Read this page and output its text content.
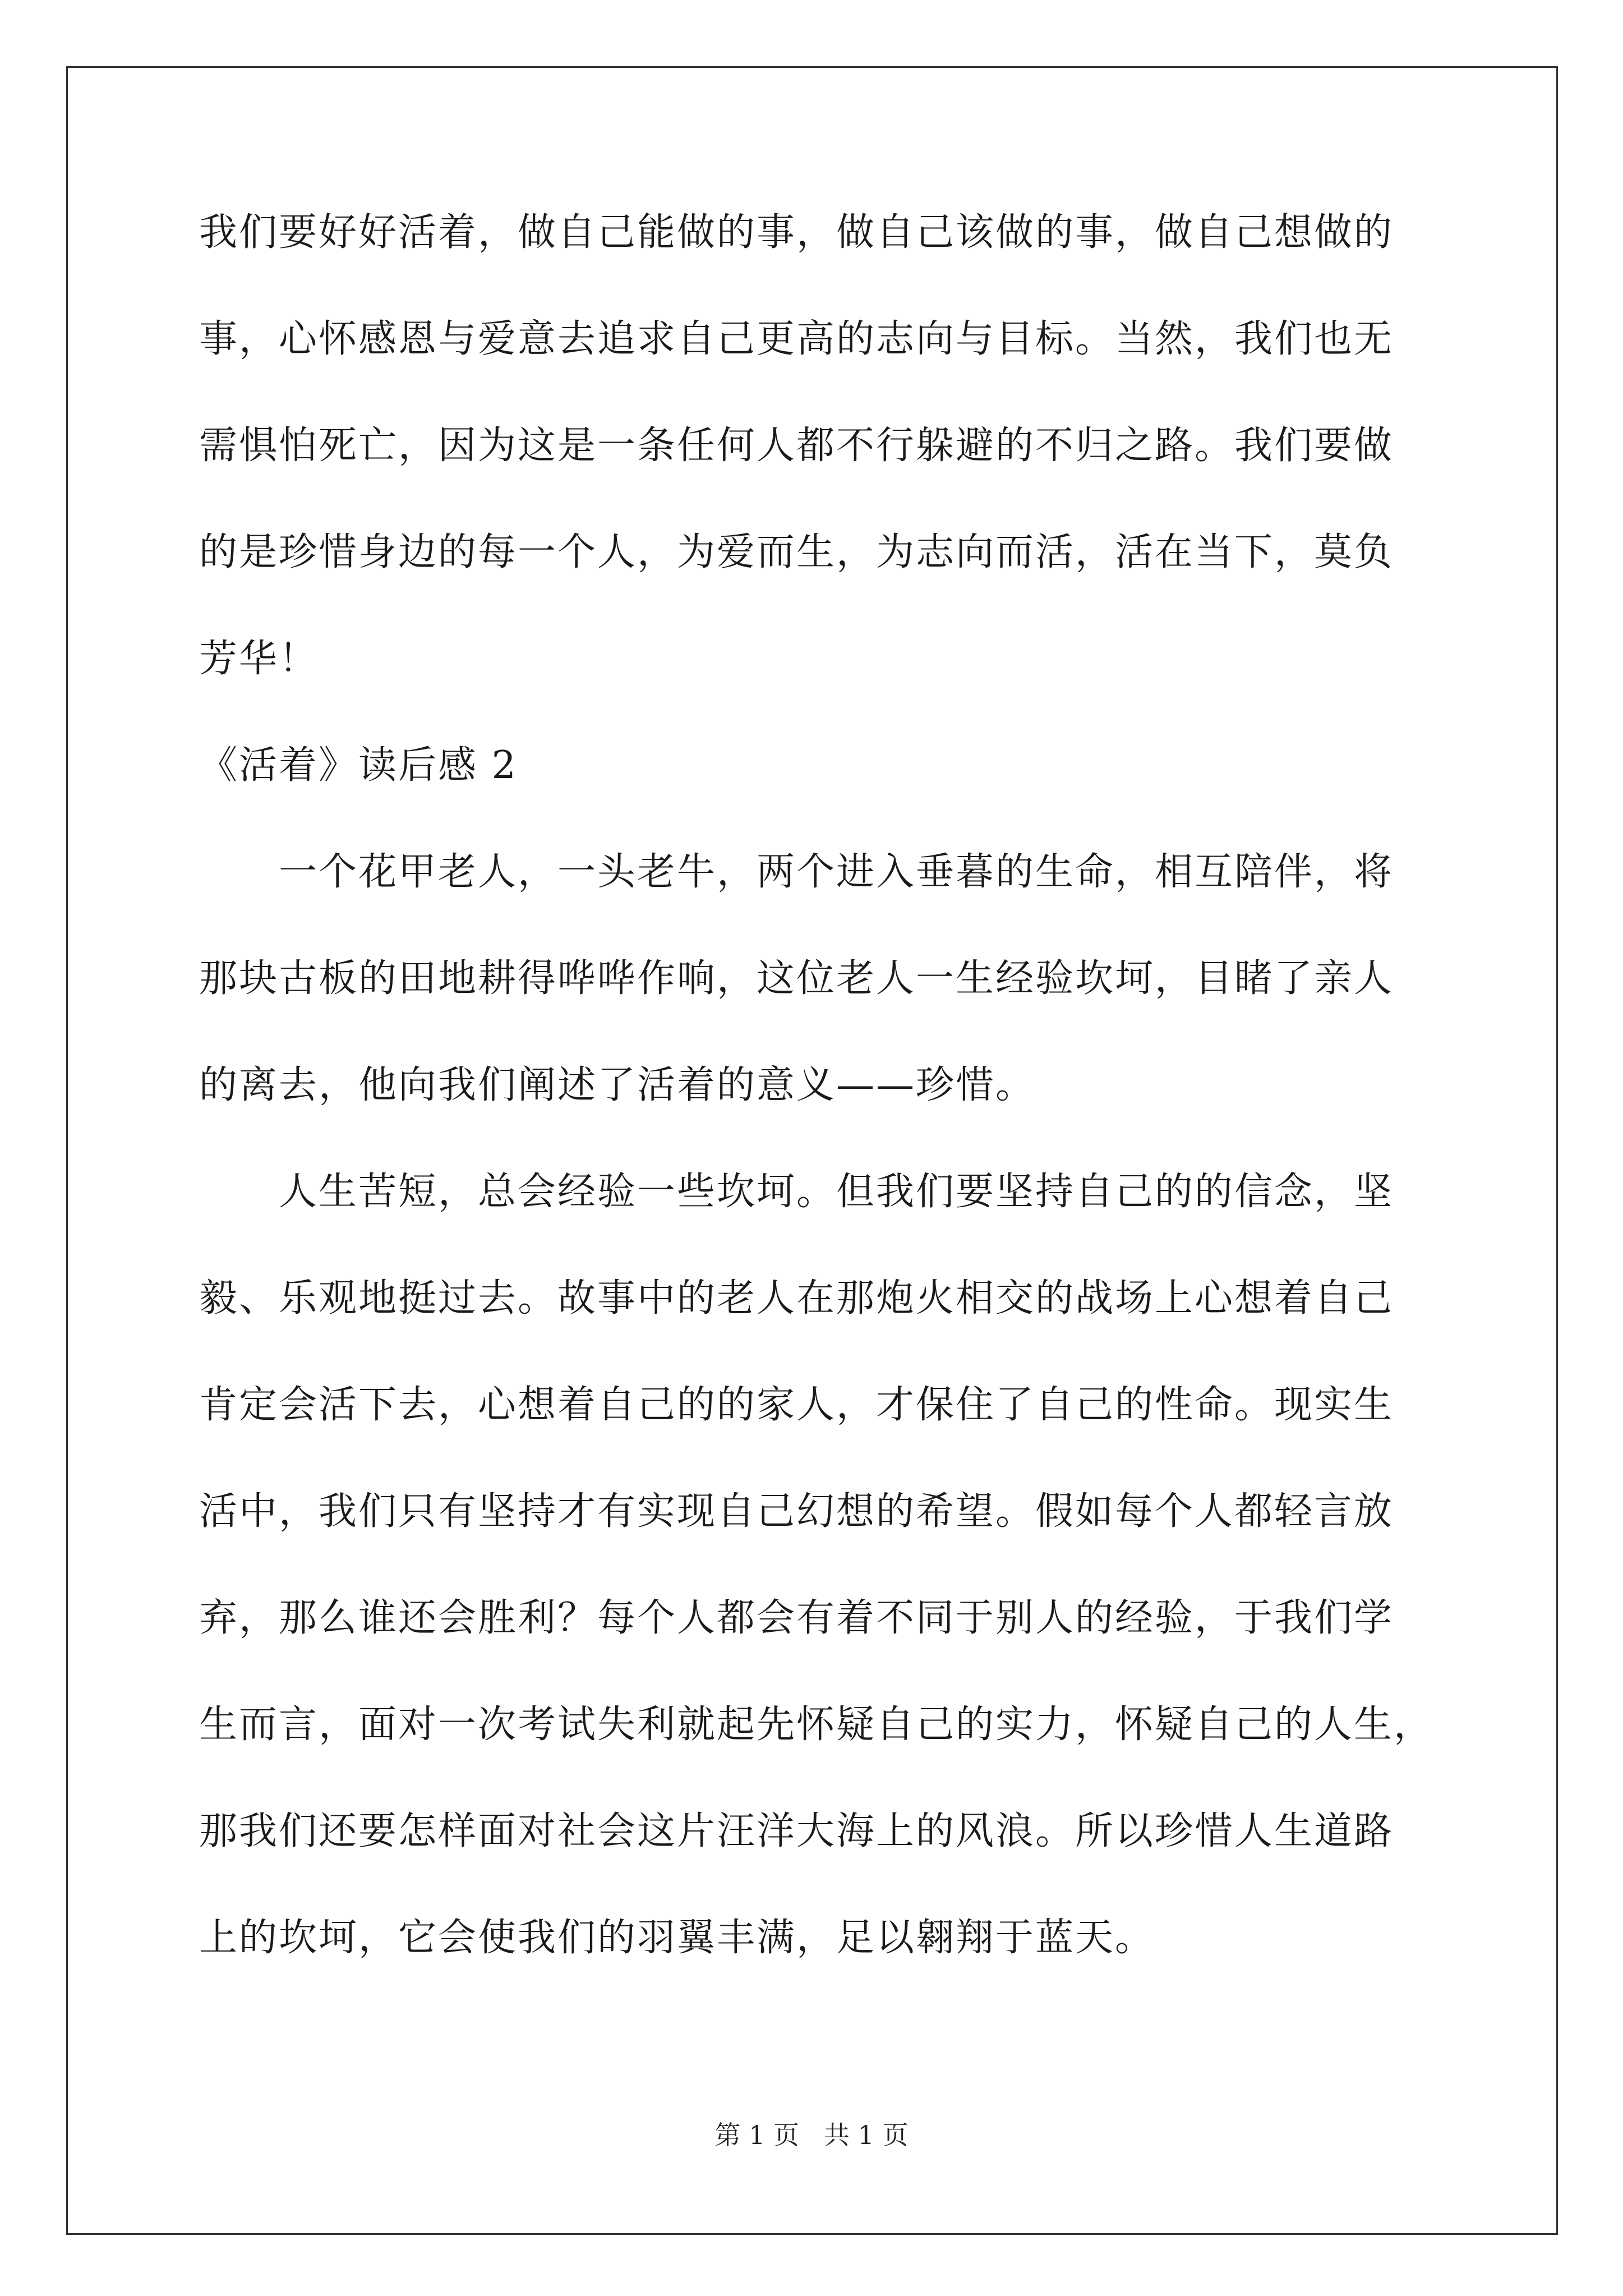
我们要好好活着，做自己能做的事，做自己该做的事，做自己想做的
事，心怀感恩与爱意去追求自己更高的志向与目标。当然，我们也无
需惧怕死亡，因为这是一条任何人都不行躲避的不归之路。我们要做
的是珍惜身边的每一个人，为爱而生，为志向而活，活在当下，莫负
芳华！
《活着》读后感 2
　　一个花甲老人，一头老牛，两个进入垂暮的生命，相互陪伴，将
那块古板的田地耕得哗哗作响，这位老人一生经验坎坷，目睹了亲人
的离去，他向我们阐述了活着的意义——珍惜。
　　人生苦短，总会经验一些坎坷。但我们要坚持自己的的信念，坚
毅、乐观地挺过去。故事中的老人在那炮火相交的战场上心想着自己
肯定会活下去，心想着自己的的家人，才保住了自己的性命。现实生
活中，我们只有坚持才有实现自己幻想的希望。假如每个人都轻言放
弃，那么谁还会胜利？每个人都会有着不同于别人的经验，于我们学
生而言，面对一次考试失利就起先怀疑自己的实力，怀疑自己的人生，
那我们还要怎样面对社会这片汪洋大海上的风浪。所以珍惜人生道路
上的坎坷，它会使我们的羽翼丰满，足以翱翔于蓝天。
第 1 页 共 1 页
